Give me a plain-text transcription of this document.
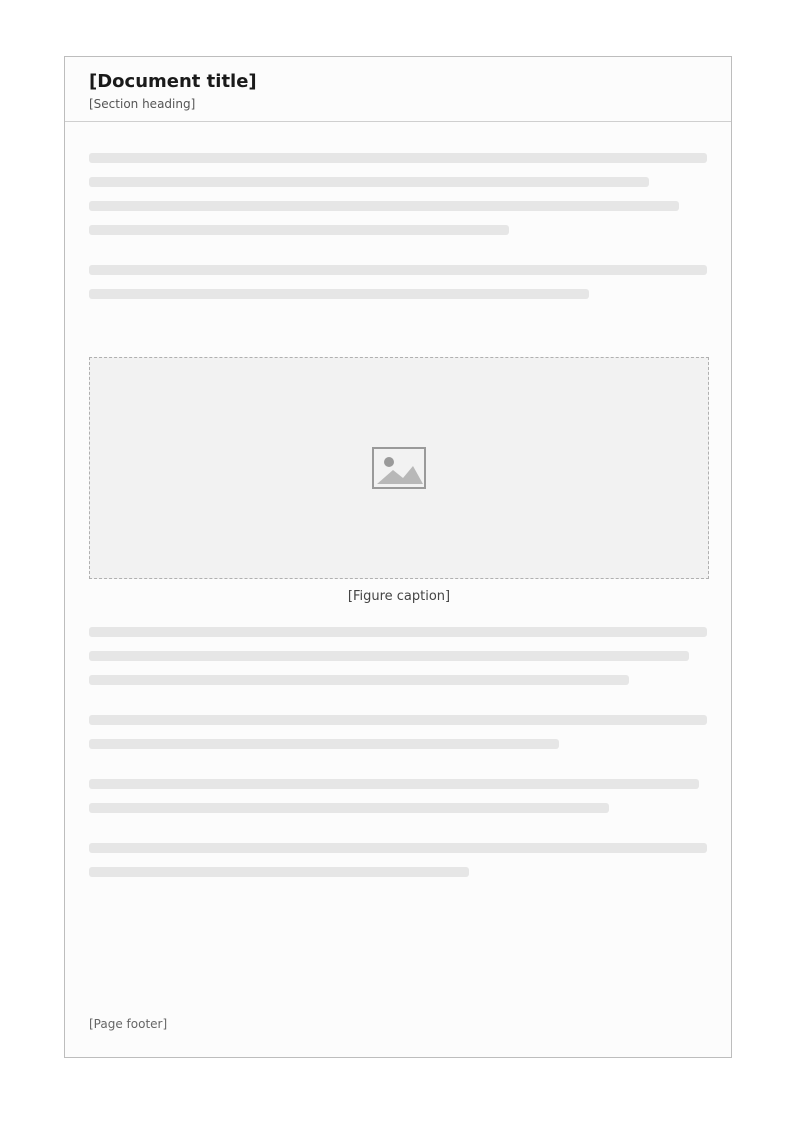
[Document title]
[Section heading]
[Figure caption]
[Page footer]
